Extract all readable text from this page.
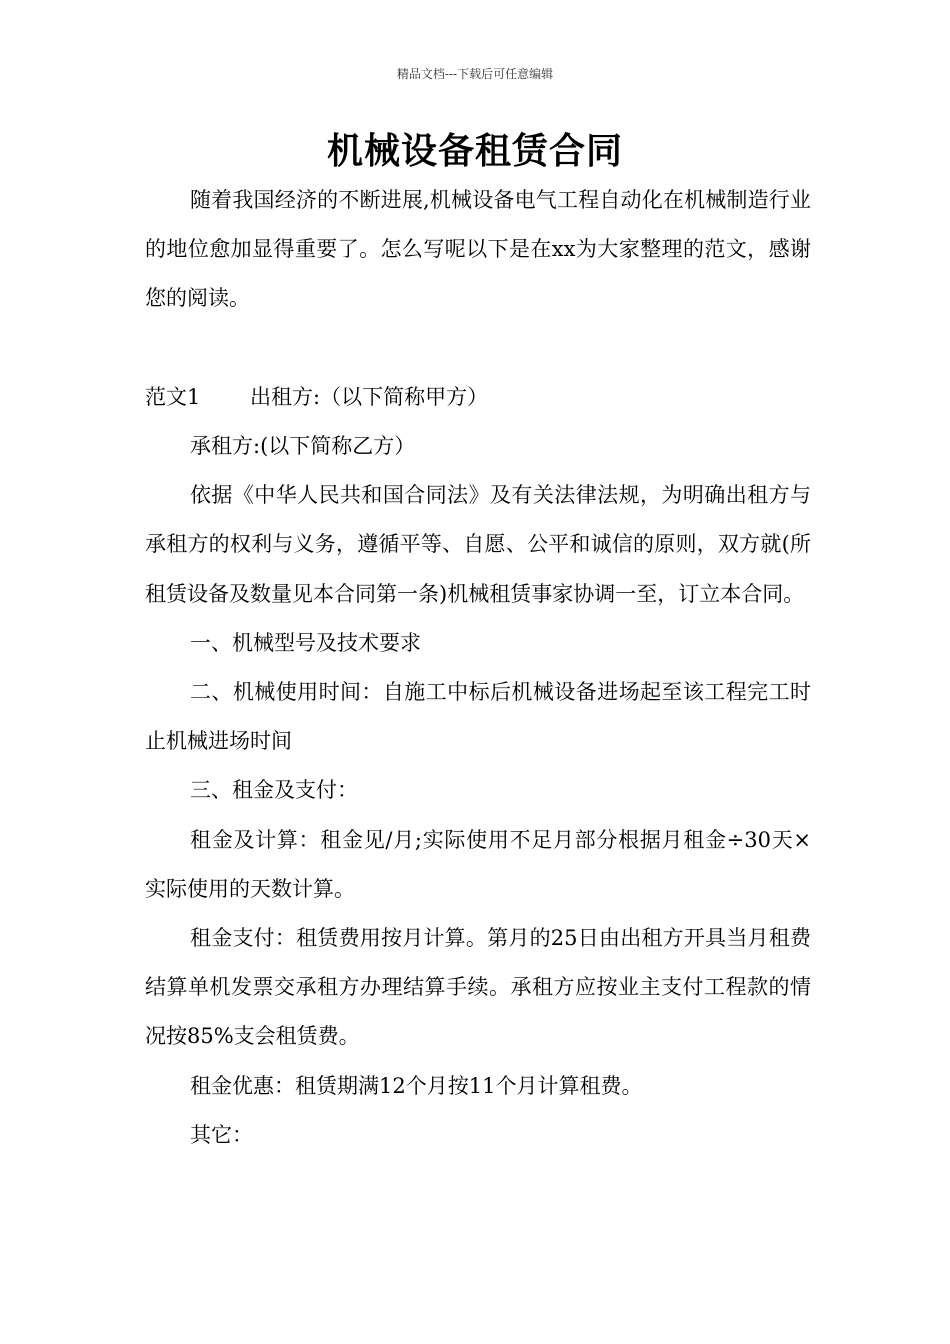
精品文档---下载后可任意编辑
机械设备租赁合同

随着我国经济的不断进展,机械设备电气工程自动化在机械制造行业的地位愈加显得重要了。怎么写呢以下是在xx为大家整理的范文，感谢您的阅读。

范文1 出租方:（以下简称甲方）

承租方:(以下简称乙方）

依据《中华人民共和国合同法》及有关法律法规，为明确出租方与承租方的权利与义务，遵循平等、自愿、公平和诚信的原则，双方就(所租赁设备及数量见本合同第一条)机械租赁事家协调一至，订立本合同。

一、机械型号及技术要求

二、机械使用时间：自施工中标后机械设备进场起至该工程完工时止机械进场时间

三、租金及支付：

租金及计算：租金见/月;实际使用不足月部分根据月租金÷30天×实际使用的天数计算。

租金支付：租赁费用按月计算。第月的25日由出租方开具当月租费结算单机发票交承租方办理结算手续。承租方应按业主支付工程款的情况按85%支会租赁费。

租金优惠：租赁期满12个月按11个月计算租费。

其它：
